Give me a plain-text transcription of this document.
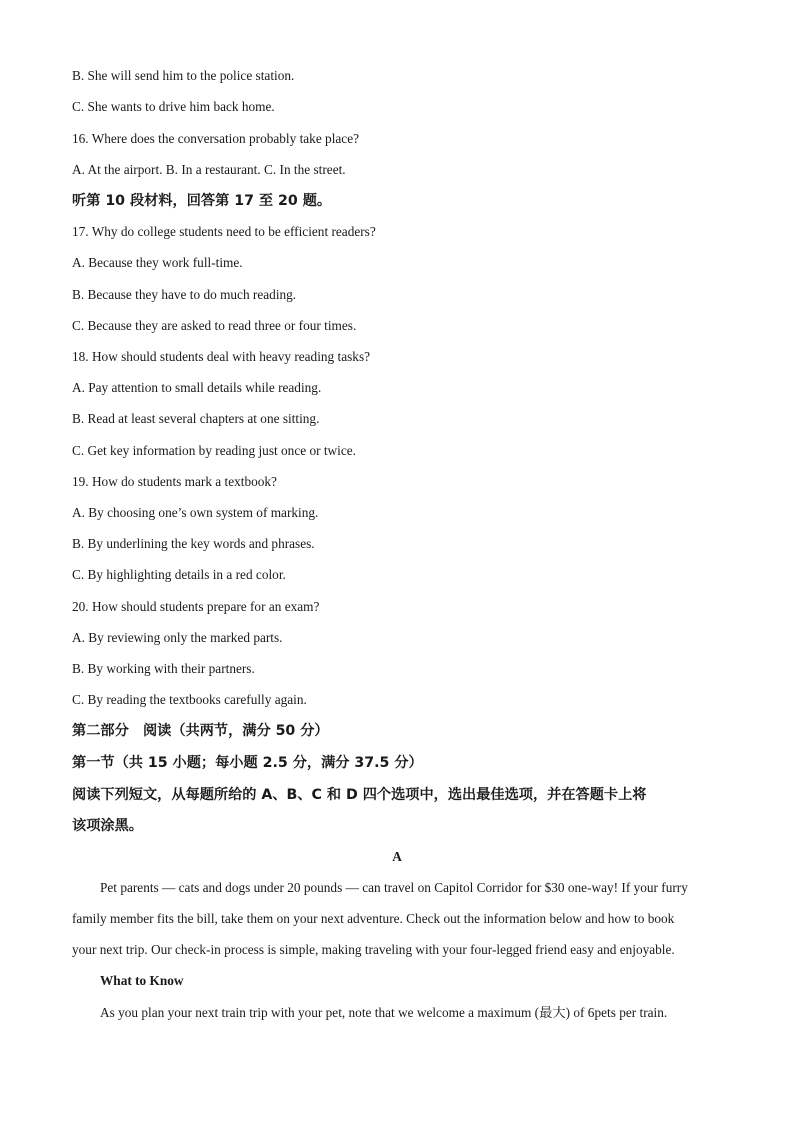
B. She will send him to the police station.
C. She wants to drive him back home.
16. Where does the conversation probably take place?
A. At the airport. B. In a restaurant. C. In the street.
听第 10 段材料，回答第 17 至 20 题。
17. Why do college students need to be efficient readers?
A. Because they work full-time.
B. Because they have to do much reading.
C. Because they are asked to read three or four times.
18. How should students deal with heavy reading tasks?
A. Pay attention to small details while reading.
B. Read at least several chapters at one sitting.
C. Get key information by reading just once or twice.
19. How do students mark a textbook?
A. By choosing one’s own system of marking.
B. By underlining the key words and phrases.
C. By highlighting details in a red color.
20. How should students prepare for an exam?
A. By reviewing only the marked parts.
B. By working with their partners.
C. By reading the textbooks carefully again.
第二部分　阅读（共两节，满分 50 分）
第一节（共 15 小题；每小题 2.5 分，满分 37.5 分）
阅读下列短文，从每题所给的 A、B、C 和 D 四个选项中，选出最佳选项，并在答题卡上将
该项涂黑。
A
Pet parents — cats and dogs under 20 pounds — can travel on Capitol Corridor for $30 one-way! If your furry
family member fits the bill, take them on your next adventure. Check out the information below and how to book
your next trip. Our check-in process is simple, making traveling with your four-legged friend easy and enjoyable.
What to Know
As you plan your next train trip with your pet, note that we welcome a maximum (最大) of 6pets per train.
